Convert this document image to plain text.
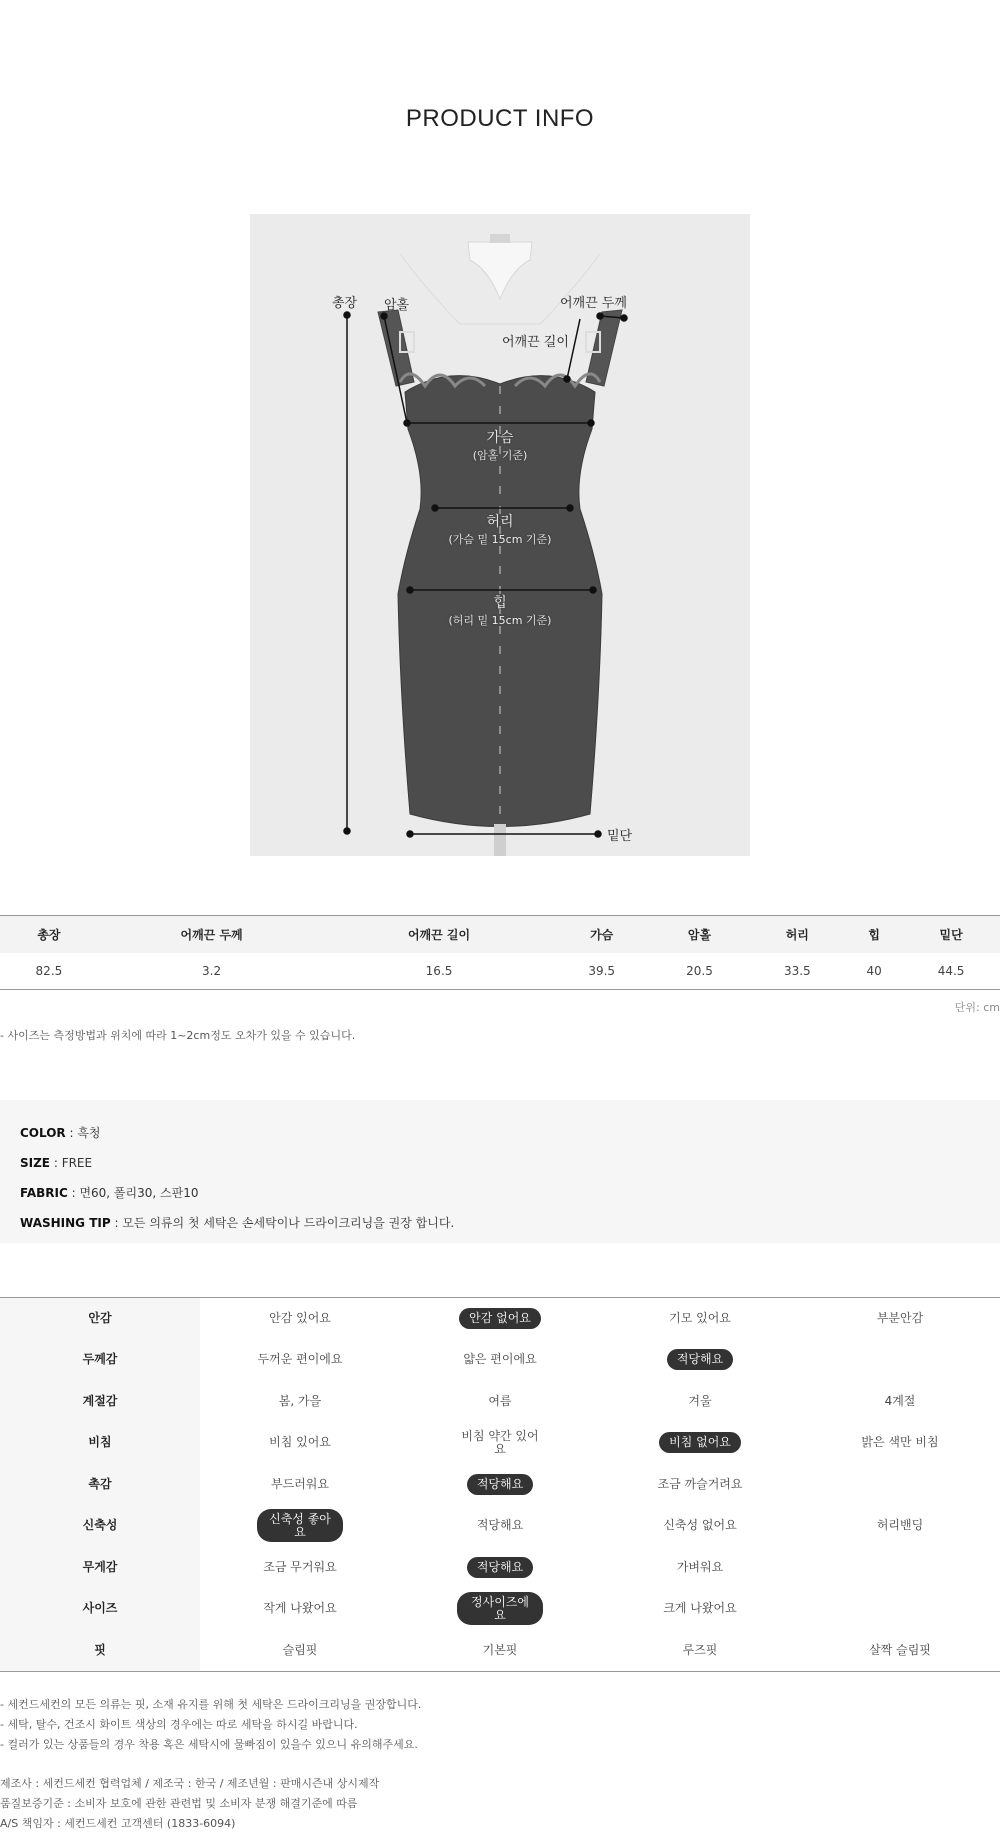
PRODUCT INFO
총장 암홀	어깨끈 두께
어깨끈 길이
가슴
(암홀 기준)
허리
(가슴 밑 15cm 기준)
힙
(허리 밑 15cm 기준)
밑단
총장	어깨끈 두께	어깨끈 길이	가슴	암홀	허리	힙	밑단
82.5	3.2	16.5	39.5	20.5	33.5	40	44.5
단위: cm
- 사이즈는 측정방법과 위치에 따라 1~2cm정도 오차가 있을 수 있습니다.
COLOR : 흑청
SIZE : FREE
FABRIC : 면60, 폴리30, 스판10
WASHING TIP : 모든 의류의 첫 세탁은 손세탁이나 드라이크리닝을 권장 합니다.
안감	안감 있어요	안감 없어요	기모 있어요	부분안감
두께감	두꺼운 편이에요	얇은 편이에요	적당해요	
계절감	봄, 가을	여름	겨울	4계절
비침	비침 있어요	비침 약간 있어요	비침 없어요	밝은 색만 비침
촉감	부드러워요	적당해요	조금 까슬거려요	
신축성	신축성 좋아요	적당해요	신축성 없어요	허리밴딩
무게감	조금 무거워요	적당해요	가벼워요	
사이즈	작게 나왔어요	정사이즈에요	크게 나왔어요	
핏	슬림핏	기본핏	루즈핏	살짝 슬림핏
- 세컨드세컨의 모든 의류는 핏, 소재 유지를 위해 첫 세탁은 드라이크리닝을 권장합니다.
- 세탁, 탈수, 건조시 화이트 색상의 경우에는 따로 세탁을 하시길 바랍니다.
- 컬러가 있는 상품들의 경우 착용 혹은 세탁시에 물빠짐이 있을수 있으니 유의해주세요.
제조사 : 세컨드세컨 협력업체 / 제조국 : 한국 / 제조년월 : 판매시즌내 상시제작
품질보증기준 : 소비자 보호에 관한 관련법 및 소비자 분쟁 해결기준에 따름
A/S 책임자 : 세컨드세컨 고객센터 (1833-6094)
